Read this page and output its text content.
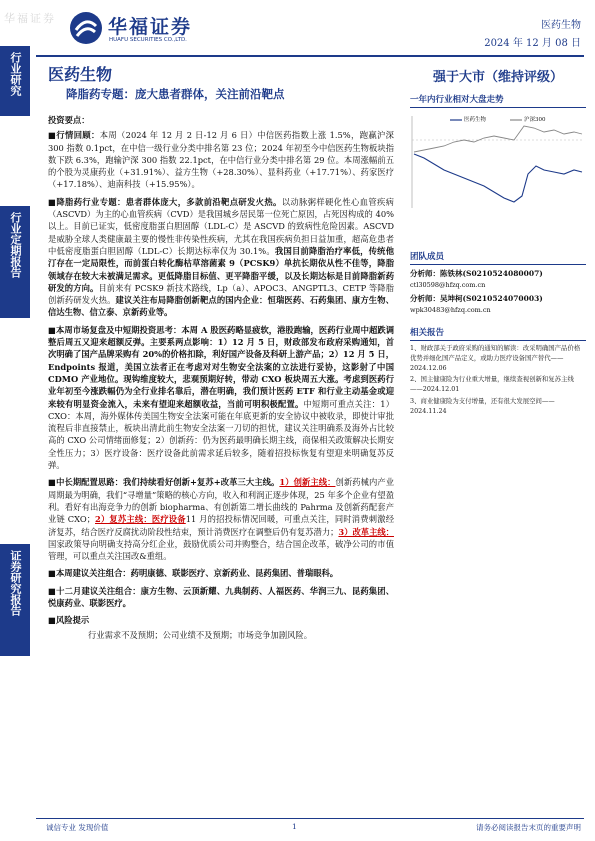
华福证券	华福证券
HUAFU SECURITIES CO.,LTD.
医药生物
2024 年 12 月 08 日
行业研究
行业定期报告
证券研究报告
医药生物
降脂药专题：庞大患者群体，关注前沿靶点

投资要点：

■行情回顾：本周（2024 年 12 月 2 日-12 月 6 日）中信医药指数上涨 1.5%，跑赢沪深 300 指数 0.1pct，在中信一级行业分类中排名第 23 位；2024 年初至今中信医药生物板块指数下跌 6.3%，跑输沪深 300 指数 22.1pct，在中信行业分类中排名第 29 位。本周涨幅前五的个股为灵康药业（+31.91%）、益方生物（+28.30%）、显科药业（+17.71%）、药家医疗（+17.18%）、迪南科技（+15.95%）。

■降脂药行业专题：患者群体庞大，多款前沿靶点研发火热。以动脉粥样硬化性心血管疾病（ASCVD）为主的心血管疾病（CVD）是我国城乡居民第一位死亡原因，占死因构成的 40%以上。目前已证实，低密度脂蛋白胆固醇（LDL-C）是 ASCVD 的致病性危险因素。ASCVD 是威胁全球人类健康最主要的慢性非传染性疾病，尤其在我国疾病负担日益加重，超高危患者中低密度脂蛋白胆固醇（LDL-C）长期达标率仅为 30.1%。我国目前降脂治疗率低，传统他汀存在一定局限性，而前蛋白转化酶枯草溶菌素 9（PCSK9）单抗长期依从性不佳等，降脂领域存在较大未被满足需求。更低降脂目标值、更平降脂平缓，以及长期达标是目前降脂新药研发的方向。目前来有 PCSK9 新技术路线，Lp（a）、APOC3、ANGPTL3、CETP 等降脂创新药研发火热。建议关注布局降脂创新靶点的国内企业：恒瑞医药、石药集团、康方生物、信达生物、信立泰、京新药业等。

■本周市场复盘及中短期投资思考：本周 A 股医药略显疲软，港股跑输，医药行业周中超跌调整后周五又迎来超额反弹。主要系两点影响：1）12 月 5 日，财政部发布政府采购通知，首次明确了国产品牌采购有 20%的价格扣除，利好国产设备及科研上游产品；2）12 月 5 日，Endpoints 报道，美国立法者正在考虑对对生物安全法案的立法进行妥协，这影射了中国 CDMO 产业地位。现钩维度较大，悲观预期好转，带动 CXO 板块周五大涨。考虑到医药行业年初至今涨跌幅仍为全行业排名靠后，潜在明确，我们预计医药 ETF 和行业主动基金或迎来较有明显资金流入，未来有望迎来超额收益，当前可明积极配置。中短期可重点关注：1）CXO：本周，海外媒体传美国生物安全法案可能在年底更新的安全协议中被收录，即使计审批流程后非直接禁止，板块出清此前生物安全法案一刀切的担忧，建议关注明确系及海外占比较高的 CXO 公司情绪面修复；2）创新药：仍为医药最明确长期主线，商保相关政策解决长期安全性压力；3）医疗设备：医疗设备此前需求延后较多，随着招投标恢复有望迎来明确复苏反弹。

■中长期配置思路：我们持续看好创新+复苏+改革三大主线。1）创新主线：创新药械内产业周期最为明确，我们“寻增量”策略的核心方向，收入和利润正逐步体现，25 年多个企业有望盈利。看好有出海竞争力的创新 biopharma、有创新第二增长曲线的 Pahrma 及创新药配套产业链 CXO；2）复苏主线：医疗设备11 月的招投标情况回暖，可重点关注，同时消费刺激经济复苏，结合医疗反腐扰动阶段性结束，预计消费医疗在调整后仍有复苏潜力；3）改革主线：国家政策导向明确支持高分红企业，鼓励优质公司并购整合，结合国企改革，破净公司的市值管理，可以重点关注国改&重组。

■本周建议关注组合：药明康德、联影医疗、京新药业、昆药集团、普瑞眼科。

■十二月建议关注组合：康方生物、云顶新耀、九典制药、人福医药、华润三九、昆药集团、悦康药业、联影医疗。

■风险提示

行业需求不及预期；公司业绩不及预期；市场竞争加剧风险。

强于大市（维持评级）
一年内行业相对大盘走势
医药生物	沪深300
团队成员
分析师：陈铁林(S0210524080007)
ctl30598@hfzq.com.cn
分析师：吴坤柯(S0210524070003)
wpk30483@hfzq.com.cn
相关报告
1、财政部关于政府采购的通知的解读：改采明确国产品价格优势并细化国产品定义，或助力医疗设备国产替代——2024.12.06
2、国主健康险为行业重大增量，继续查视创新和复苏主线——2024.12.01
3、商业健康险为支付增量，还有很大发展空间——2024.11.24
诚信专业 发现价值	1	请务必阅读报告末页的重要声明
